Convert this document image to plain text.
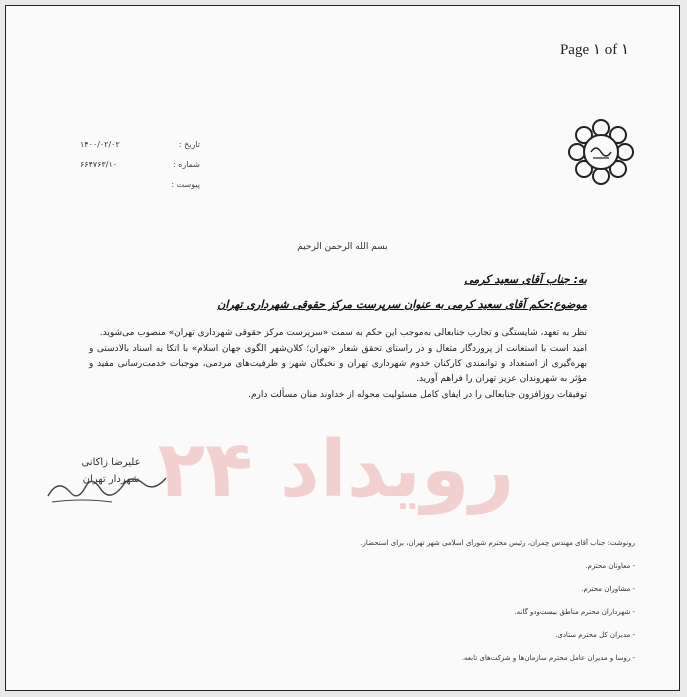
Page ١ of ١
تاریخ :
۱۴۰۰/۰۲/۰۲
شماره :
۶۶۴۷۶۳/۱۰
پیوست :
بسم الله الرحمن الرحیم
به: جناب آقای سعید کرمی
موضوع:حکم آقای سعید کرمی به عنوان سرپرست مرکز حقوقی شهرداری تهران

نظر به تعهد، شایستگی و تجارب جنابعالی به‌موجب این حکم به سمت «سرپرست مرکز حقوقی شهرداری تهران» منصوب می‌شوید.

امید است با استعانت از پروردگار متعال و در راستای تحقق شعار «تهران؛ کلان‌شهر الگوی جهان اسلام» با اتکا به اسناد بالادستی و بهره‌گیری از استعداد و توانمندی کارکنان خدوم شهرداری تهران و نخبگان شهر و ظرفیت‌های مردمی، موجبات خدمت‌رسانی مفید و مؤثر به شهروندان عزیز تهران را فراهم آورید.

توفیقات روزافزون جنابعالی را در ایفای کامل مسئولیت محوله از خداوند منان مسألت دارم.

رویداد ۲۴
علیرضا زاکانی
شهردار تهران
رونوشت: جناب آقای مهندس چمران، رئیس محترم شورای اسلامی شهر تهران، برای استحضار.
- معاونان محترم.
- مشاوران محترم.
- شهرداران محترم مناطق بیست‌ودو گانه.
- مدیران کل محترم ستادی.
- روسا و مدیران عامل محترم سازمان‌ها و شرکت‌های تابعه.
